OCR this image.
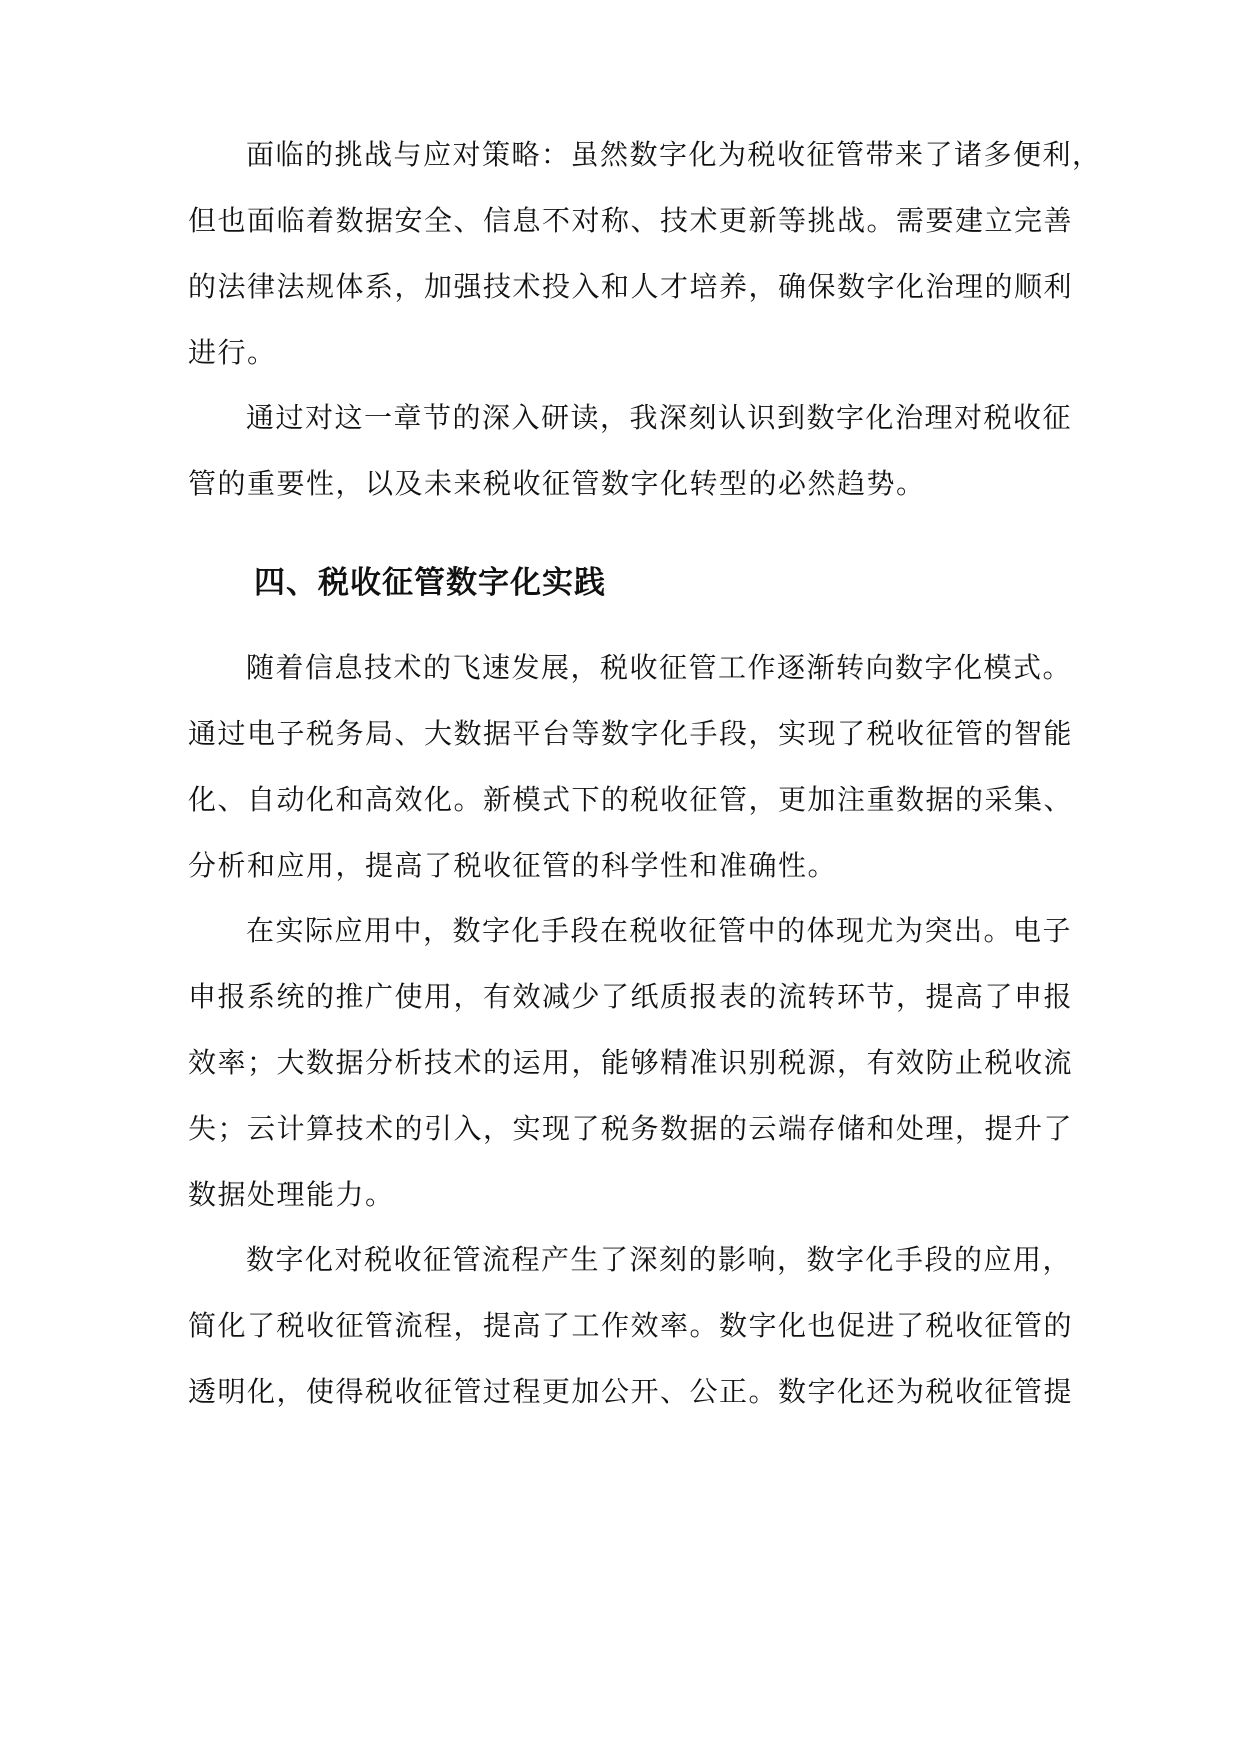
面临的挑战与应对策略：虽然数字化为税收征管带来了诸多便利，
但也面临着数据安全、信息不对称、技术更新等挑战。需要建立完善
的法律法规体系，加强技术投入和人才培养，确保数字化治理的顺利
进行。
通过对这一章节的深入研读，我深刻认识到数字化治理对税收征
管的重要性，以及未来税收征管数字化转型的必然趋势。
四、税收征管数字化实践
随着信息技术的飞速发展，税收征管工作逐渐转向数字化模式。
通过电子税务局、大数据平台等数字化手段，实现了税收征管的智能
化、自动化和高效化。新模式下的税收征管，更加注重数据的采集、
分析和应用，提高了税收征管的科学性和准确性。
在实际应用中，数字化手段在税收征管中的体现尤为突出。电子
申报系统的推广使用，有效减少了纸质报表的流转环节，提高了申报
效率；大数据分析技术的运用，能够精准识别税源，有效防止税收流
失；云计算技术的引入，实现了税务数据的云端存储和处理，提升了
数据处理能力。
数字化对税收征管流程产生了深刻的影响，数字化手段的应用，
简化了税收征管流程，提高了工作效率。数字化也促进了税收征管的
透明化，使得税收征管过程更加公开、公正。数字化还为税收征管提
